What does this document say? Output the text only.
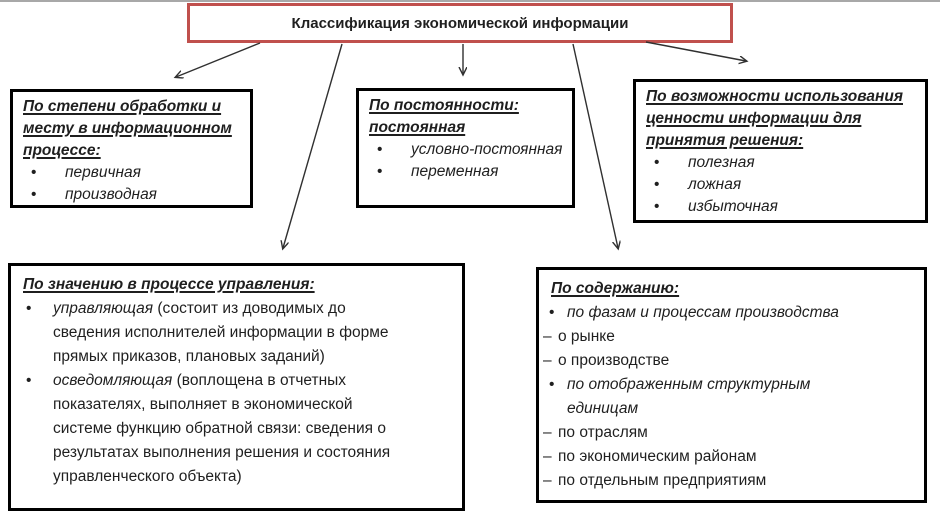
Классификация экономической информации
По степени обработки и месту в информационном процессе:
• первичная
• производная
По постоянности: постоянная
• условно-постоянная
• переменная
По возможности использования ценности информации для принятия решения:
• полезная
• ложная
• избыточная
По значению в процессе управления:
•	управляющая (состоит из доводимых до сведения исполнителей информации в форме прямых приказов, плановых заданий)
•	осведомляющая (воплощена в отчетных показателях, выполняет в экономической системе функцию обратной связи: сведения о результатах выполнения решения и состояния управленческого объекта)
По содержанию:
• по фазам и процессам производства
– о рынке
– о производстве
• по отображенным структурным единицам
– по отраслям
– по экономическим районам
– по отдельным предприятиям
